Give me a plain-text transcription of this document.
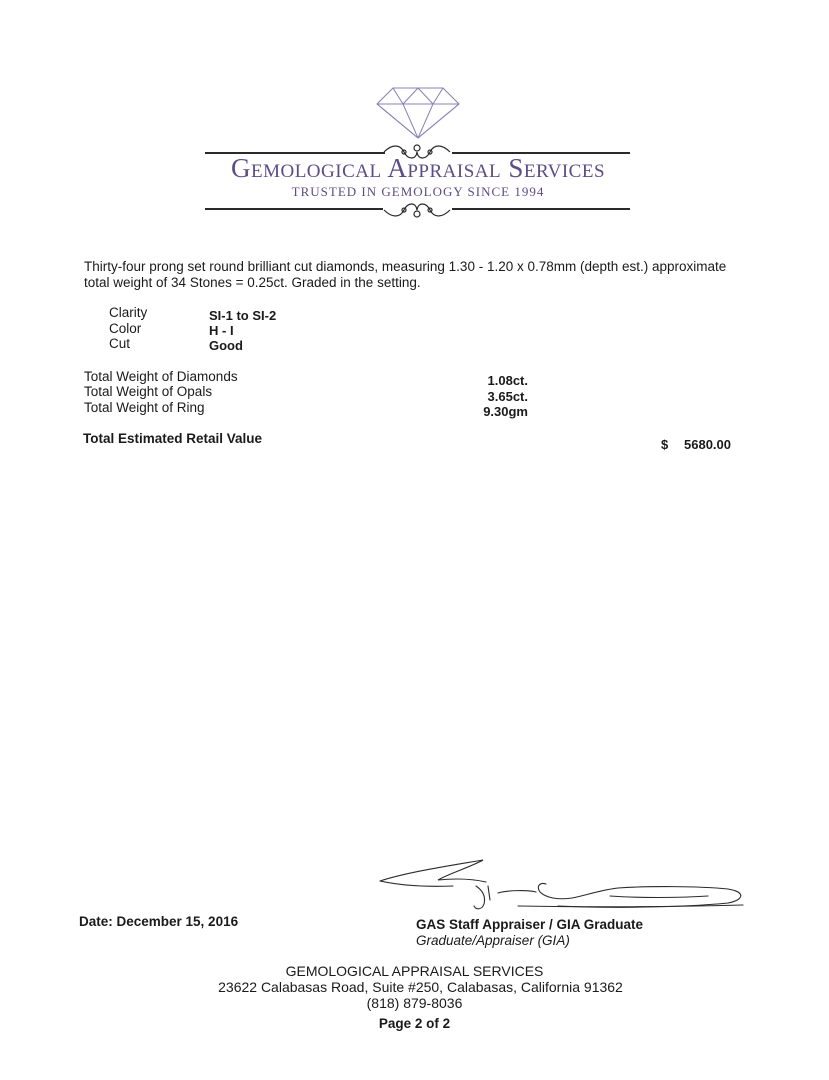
Gemological Appraisal Services
TRUSTED IN GEMOLOGY SINCE 1994
Thirty-four prong set round brilliant cut diamonds, measuring 1.30 - 1.20 x 0.78mm (depth est.) approximate total weight of 34 Stones = 0.25ct. Graded in the setting.
Clarity	SI-1 to SI-2
Color	H - I
Cut	Good
Total Weight of Diamonds	1.08ct.
Total Weight of Opals	3.65ct.
Total Weight of Ring	9.30gm
Total Estimated Retail Value	$ 5680.00
Date: December 15, 2016	GAS Staff Appraiser / GIA Graduate
Graduate/Appraiser (GIA)
GEMOLOGICAL APPRAISAL SERVICES
23622 Calabasas Road, Suite #250, Calabasas, California 91362
(818) 879-8036
Page 2 of 2
